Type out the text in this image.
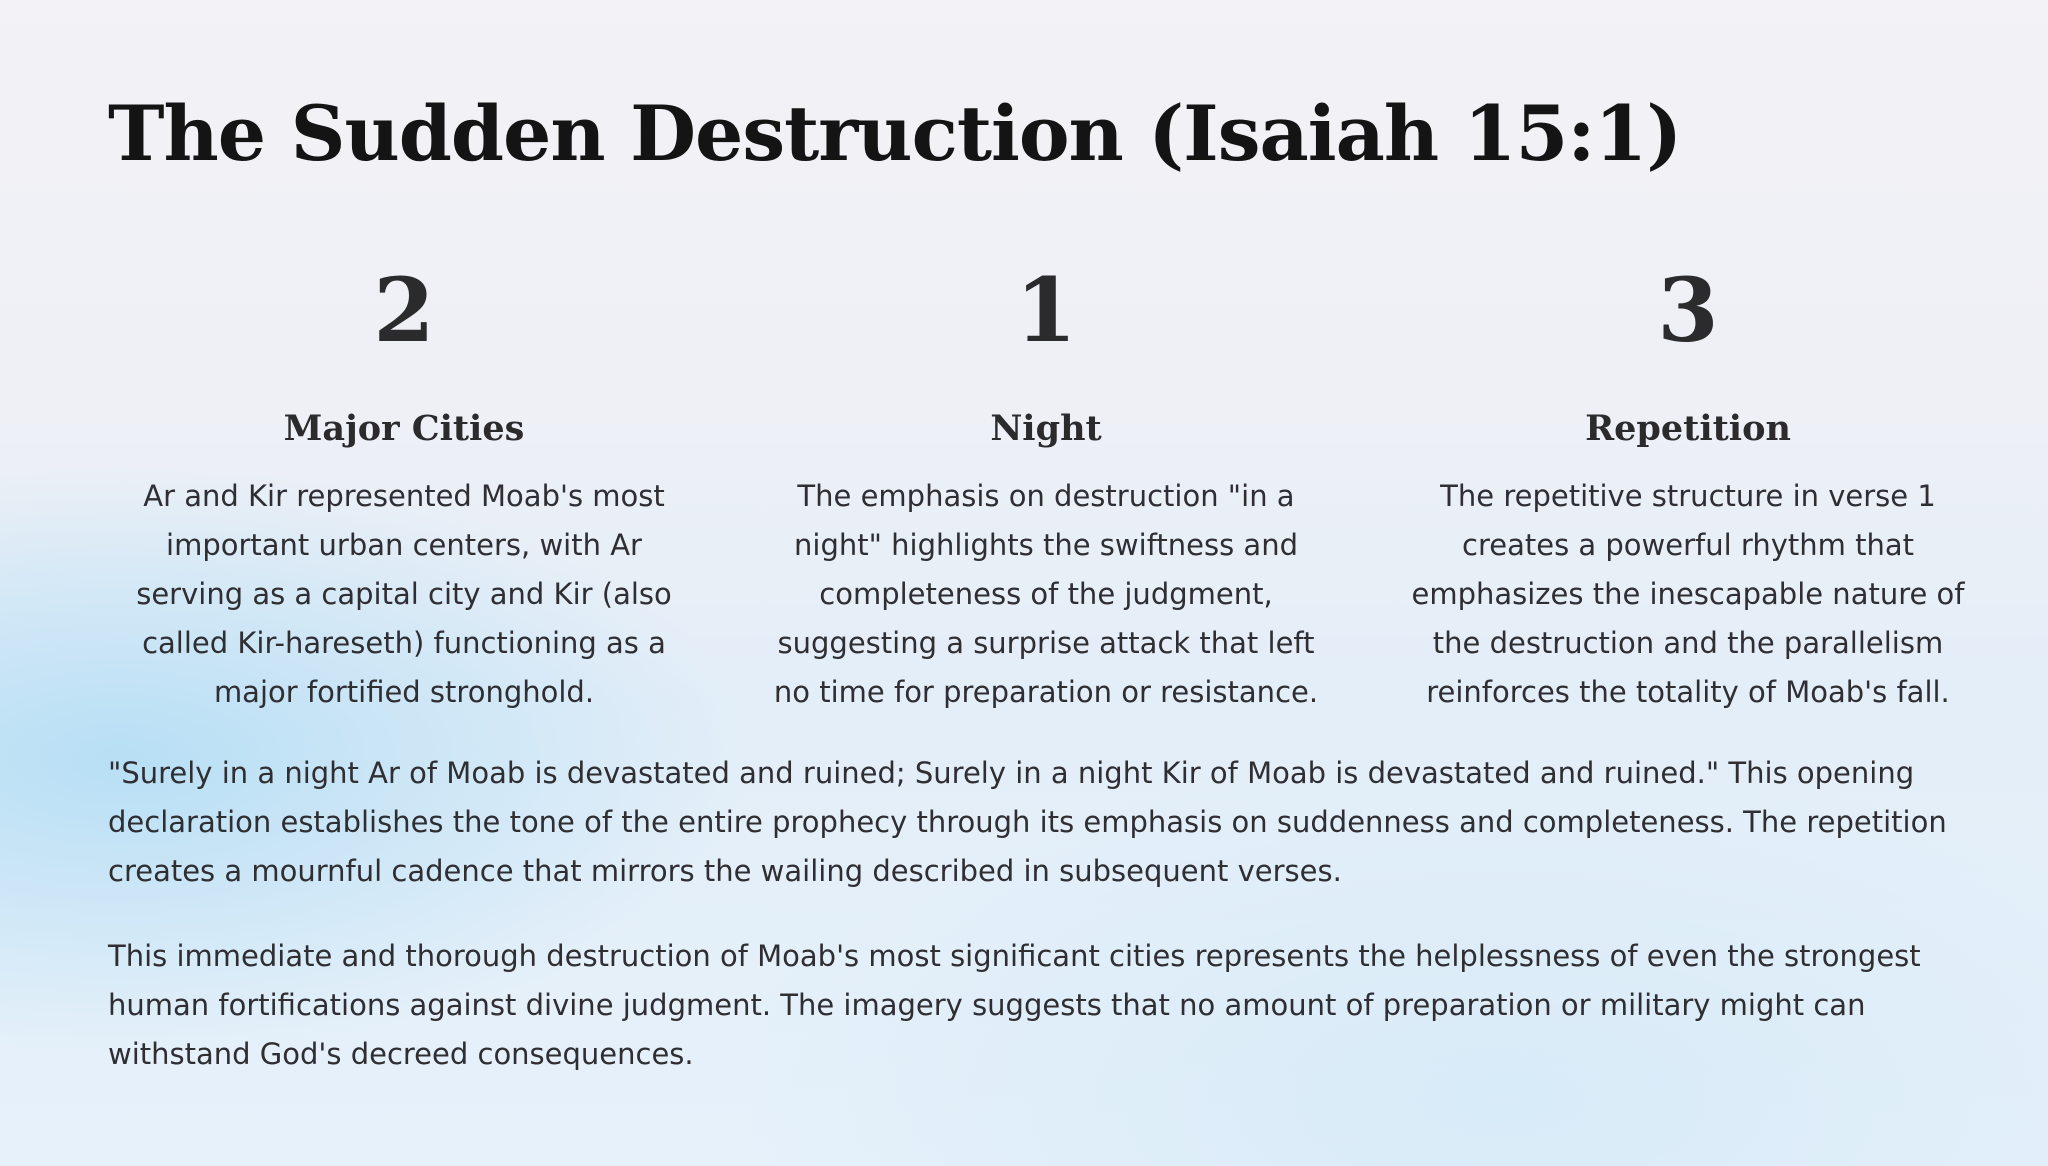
The Sudden Destruction (Isaiah 15:1)
2
Major Cities
Ar and Kir represented Moab's most important urban centers, with Ar serving as a capital city and Kir (also called Kir-hareseth) functioning as a major fortified stronghold.
1
Night
The emphasis on destruction "in a night" highlights the swiftness and completeness of the judgment, suggesting a surprise attack that left no time for preparation or resistance.
3
Repetition
The repetitive structure in verse 1 creates a powerful rhythm that emphasizes the inescapable nature of the destruction and the parallelism reinforces the totality of Moab's fall.

"Surely in a night Ar of Moab is devastated and ruined; Surely in a night Kir of Moab is devastated and ruined." This opening declaration establishes the tone of the entire prophecy through its emphasis on suddenness and completeness. The repetition creates a mournful cadence that mirrors the wailing described in subsequent verses.

This immediate and thorough destruction of Moab's most significant cities represents the helplessness of even the strongest human fortifications against divine judgment. The imagery suggests that no amount of preparation or military might can withstand God's decreed consequences.
